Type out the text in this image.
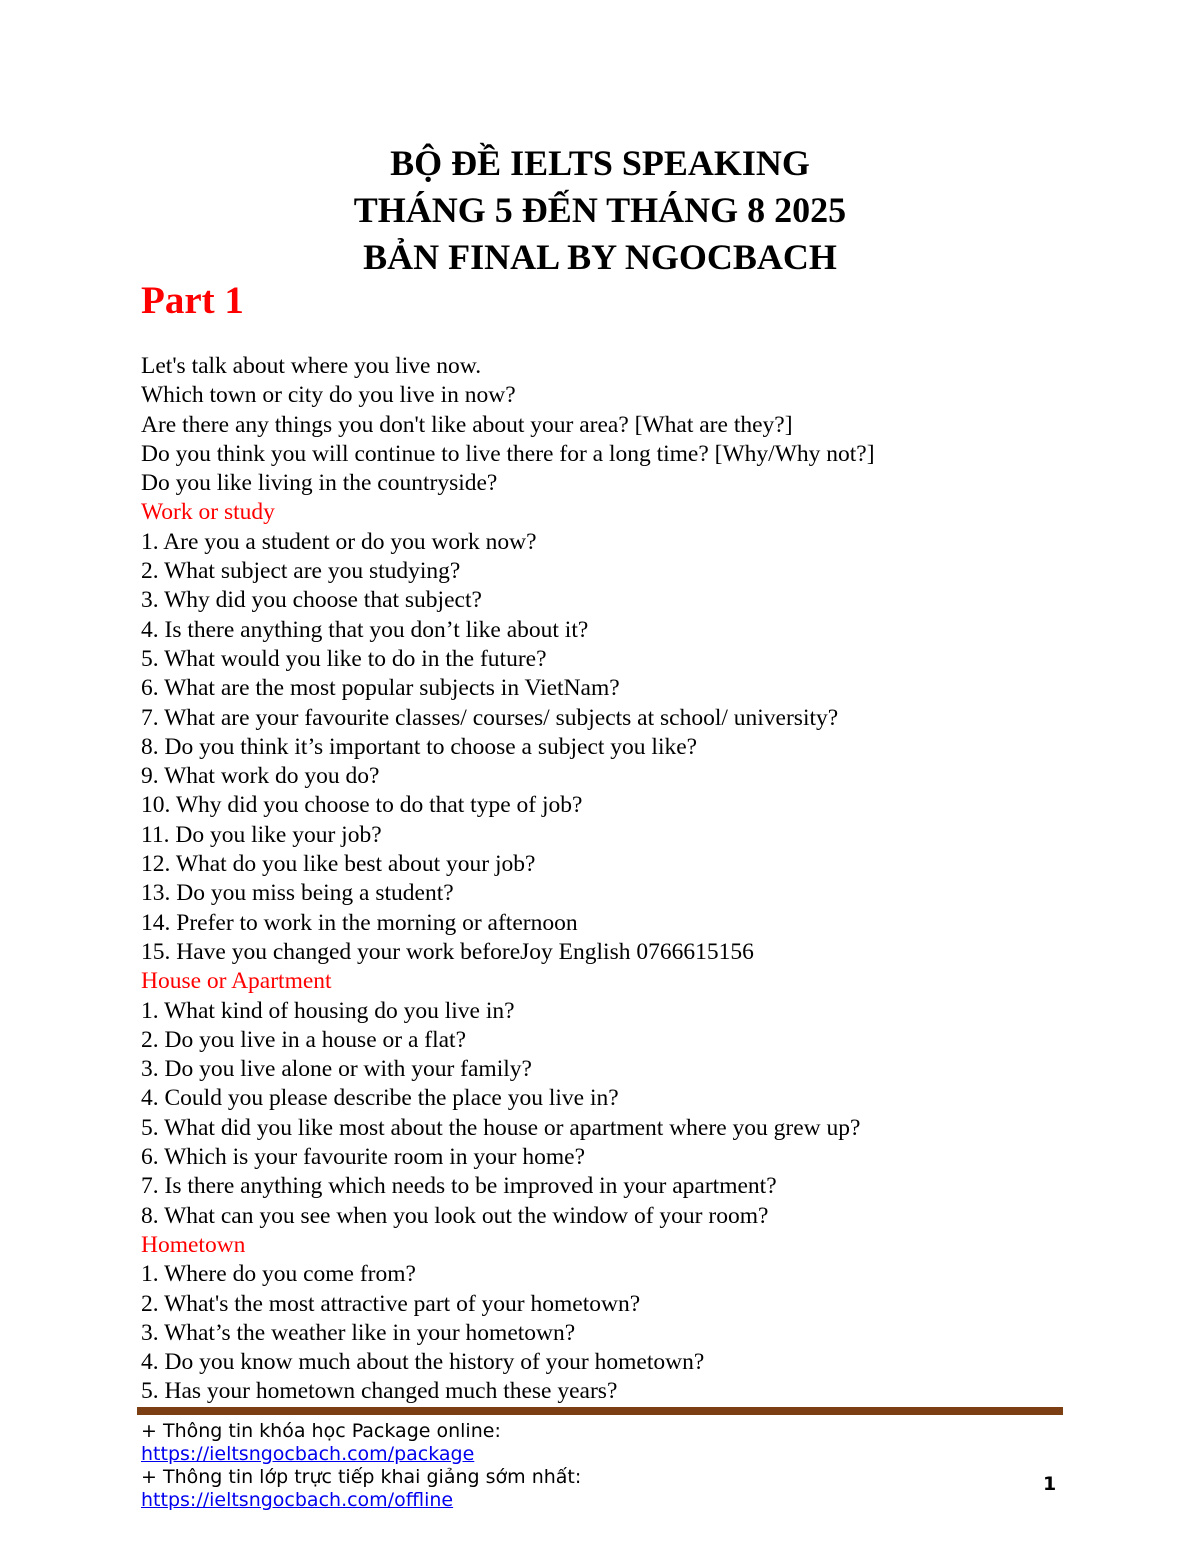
BỘ ĐỀ IELTS SPEAKING
THÁNG 5 ĐẾN THÁNG 8 2025
BẢN FINAL BY NGOCBACH
Part 1
Let's talk about where you live now.
Which town or city do you live in now?
Are there any things you don't like about your area? [What are they?]
Do you think you will continue to live there for a long time? [Why/Why not?]
Do you like living in the countryside?
Work or study
1. Are you a student or do you work now?
2. What subject are you studying?
3. Why did you choose that subject?
4. Is there anything that you don’t like about it?
5. What would you like to do in the future?
6. What are the most popular subjects in VietNam?
7. What are your favourite classes/ courses/ subjects at school/ university?
8. Do you think it’s important to choose a subject you like?
9. What work do you do?
10. Why did you choose to do that type of job?
11. Do you like your job?
12. What do you like best about your job?
13. Do you miss being a student?
14. Prefer to work in the morning or afternoon
15. Have you changed your work beforeJoy English 0766615156
House or Apartment
1. What kind of housing do you live in?
2. Do you live in a house or a flat?
3. Do you live alone or with your family?
4. Could you please describe the place you live in?
5. What did you like most about the house or apartment where you grew up?
6. Which is your favourite room in your home?
7. Is there anything which needs to be improved in your apartment?
8. What can you see when you look out the window of your room?
Hometown
1. Where do you come from?
2. What's the most attractive part of your hometown?
3. What’s the weather like in your hometown?
4. Do you know much about the history of your hometown?
5. Has your hometown changed much these years?
+ Thông tin khóa học Package online:
https://ieltsngocbach.com/package
+ Thông tin lớp trực tiếp khai giảng sớm nhất:
https://ieltsngocbach.com/offline
1
